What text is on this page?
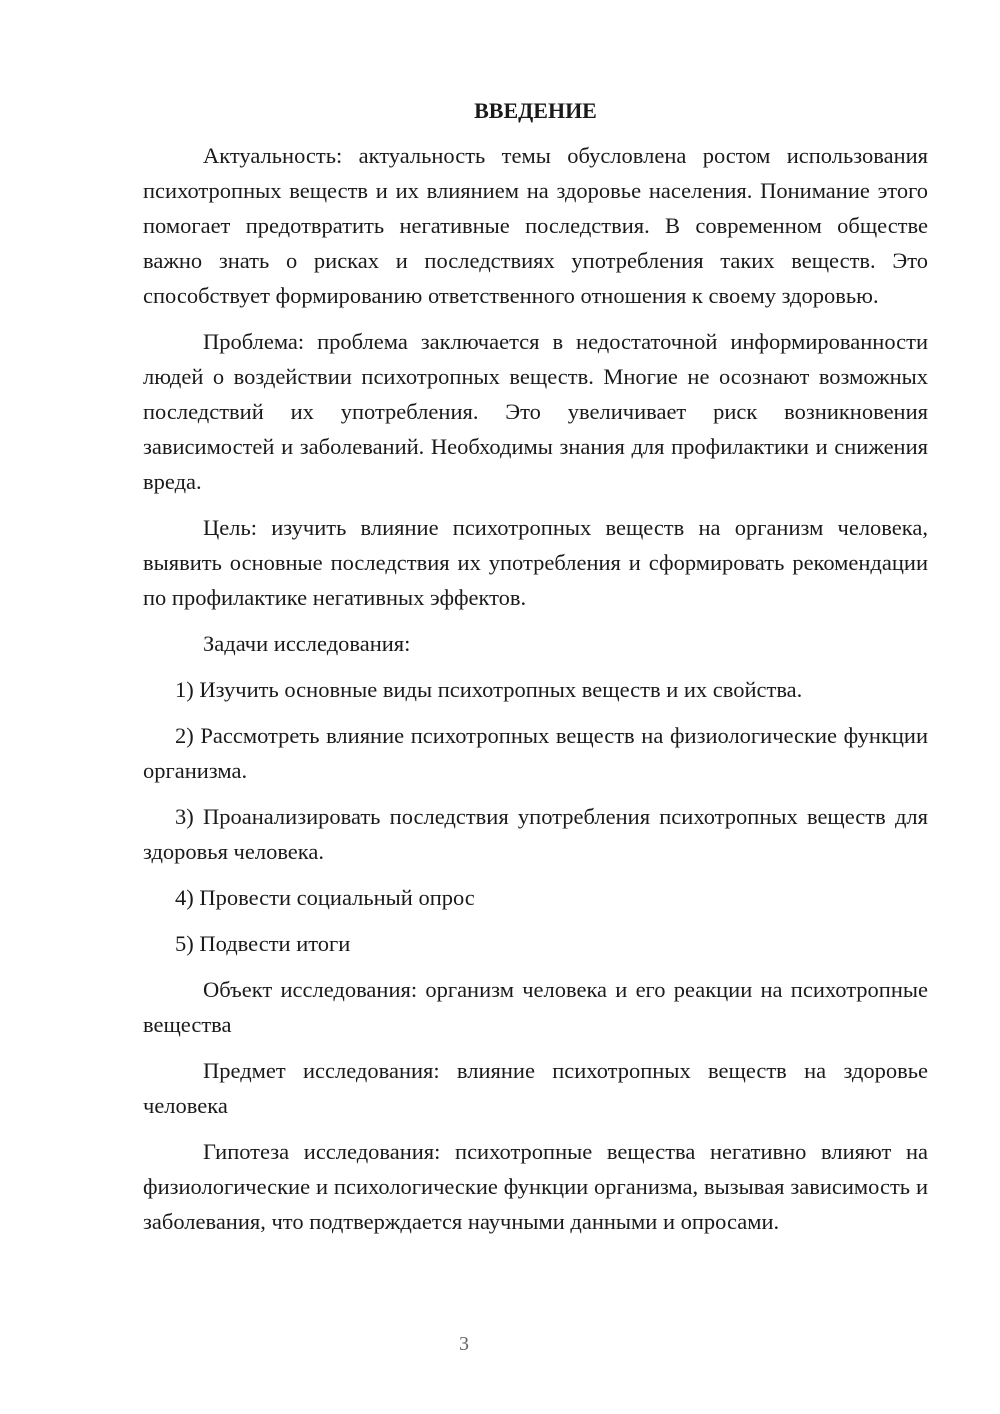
ВВЕДЕНИЕ

Актуальность: актуальность темы обусловлена ростом использования психотропных веществ и их влиянием на здоровье населения. Понимание этого помогает предотвратить негативные последствия. В современном обществе важно знать о рисках и последствиях употребления таких веществ. Это способствует формированию ответственного отношения к своему здоровью.

Проблема: проблема заключается в недостаточной информированности людей о воздействии психотропных веществ. Многие не осознают возможных последствий их употребления. Это увеличивает риск возникновения зависимостей и заболеваний. Необходимы знания для профилактики и снижения вреда.

Цель: изучить влияние психотропных веществ на организм человека, выявить основные последствия их употребления и сформировать рекомендации по профилактике негативных эффектов.

Задачи исследования:

1) Изучить основные виды психотропных веществ и их свойства.

2) Рассмотреть влияние психотропных веществ на физиологические функции организма.

3) Проанализировать последствия употребления психотропных веществ для здоровья человека.

4) Провести социальный опрос

5) Подвести итоги

Объект исследования: организм человека и его реакции на психотропные вещества

Предмет исследования: влияние психотропных веществ на здоровье человека

Гипотеза исследования: психотропные вещества негативно влияют на физиологические и психологические функции организма, вызывая зависимость и заболевания, что подтверждается научными данными и опросами.

3
